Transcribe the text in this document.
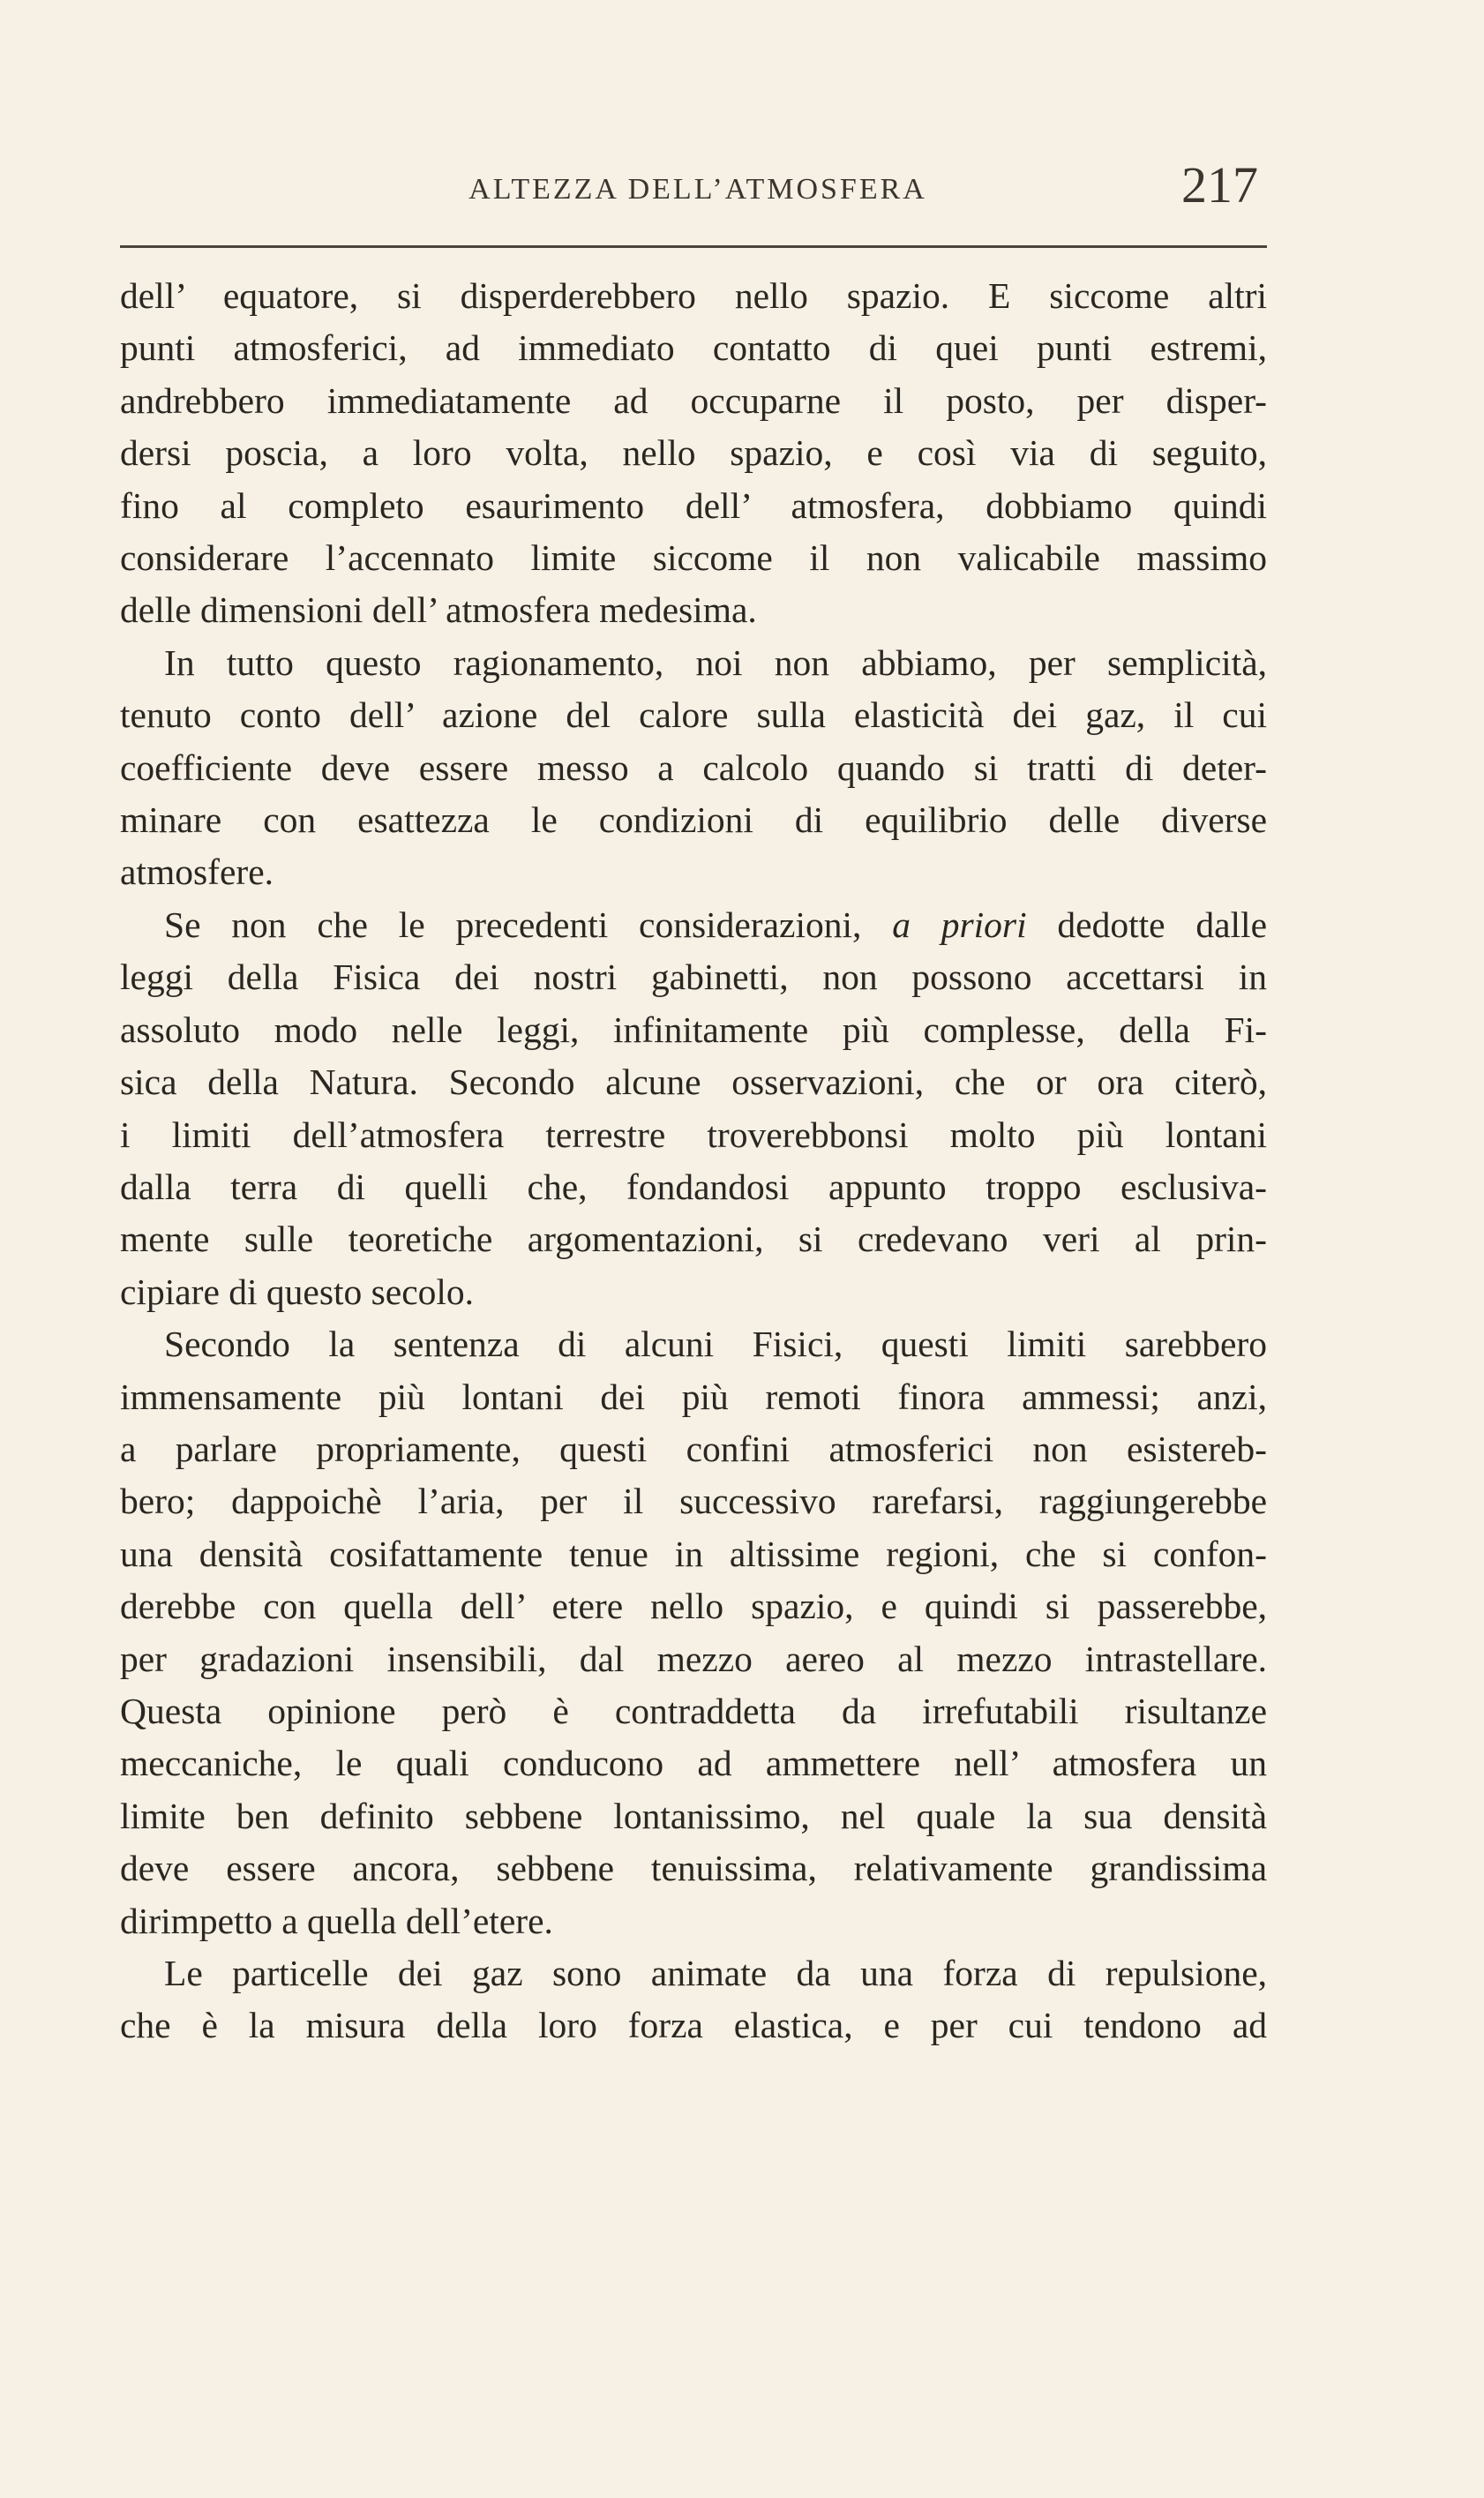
ALTEZZA DELL’ATMOSFERA	217
dell’ equatore, si disperderebbero nello spazio. E siccome altri
punti atmosferici, ad immediato contatto di quei punti estremi,
andrebbero immediatamente ad occuparne il posto, per disper-
dersi poscia, a loro volta, nello spazio, e così via di seguito,
fino al completo esaurimento dell’ atmosfera, dobbiamo quindi
considerare l’accennato limite siccome il non valicabile massimo
delle dimensioni dell’ atmosfera medesima.
In tutto questo ragionamento, noi non abbiamo, per semplicità,
tenuto conto dell’ azione del calore sulla elasticità dei gaz, il cui
coefficiente deve essere messo a calcolo quando si tratti di deter-
minare con esattezza le condizioni di equilibrio delle diverse
atmosfere.
Se non che le precedenti considerazioni, a priori dedotte dalle
leggi della Fisica dei nostri gabinetti, non possono accettarsi in
assoluto modo nelle leggi, infinitamente più complesse, della Fi-
sica della Natura. Secondo alcune osservazioni, che or ora citerò,
i limiti dell’atmosfera terrestre troverebbonsi molto più lontani
dalla terra di quelli che, fondandosi appunto troppo esclusiva-
mente sulle teoretiche argomentazioni, si credevano veri al prin-
cipiare di questo secolo.
Secondo la sentenza di alcuni Fisici, questi limiti sarebbero
immensamente più lontani dei più remoti finora ammessi; anzi,
a parlare propriamente, questi confini atmosferici non esistereb-
bero; dappoichè l’aria, per il successivo rarefarsi, raggiungerebbe
una densità cosifattamente tenue in altissime regioni, che si confon-
derebbe con quella dell’ etere nello spazio, e quindi si passerebbe,
per gradazioni insensibili, dal mezzo aereo al mezzo intrastellare.
Questa opinione però è contraddetta da irrefutabili risultanze
meccaniche, le quali conducono ad ammettere nell’ atmosfera un
limite ben definito sebbene lontanissimo, nel quale la sua densità
deve essere ancora, sebbene tenuissima, relativamente grandissima
dirimpetto a quella dell’etere.
Le particelle dei gaz sono animate da una forza di repulsione,
che è la misura della loro forza elastica, e per cui tendono ad
